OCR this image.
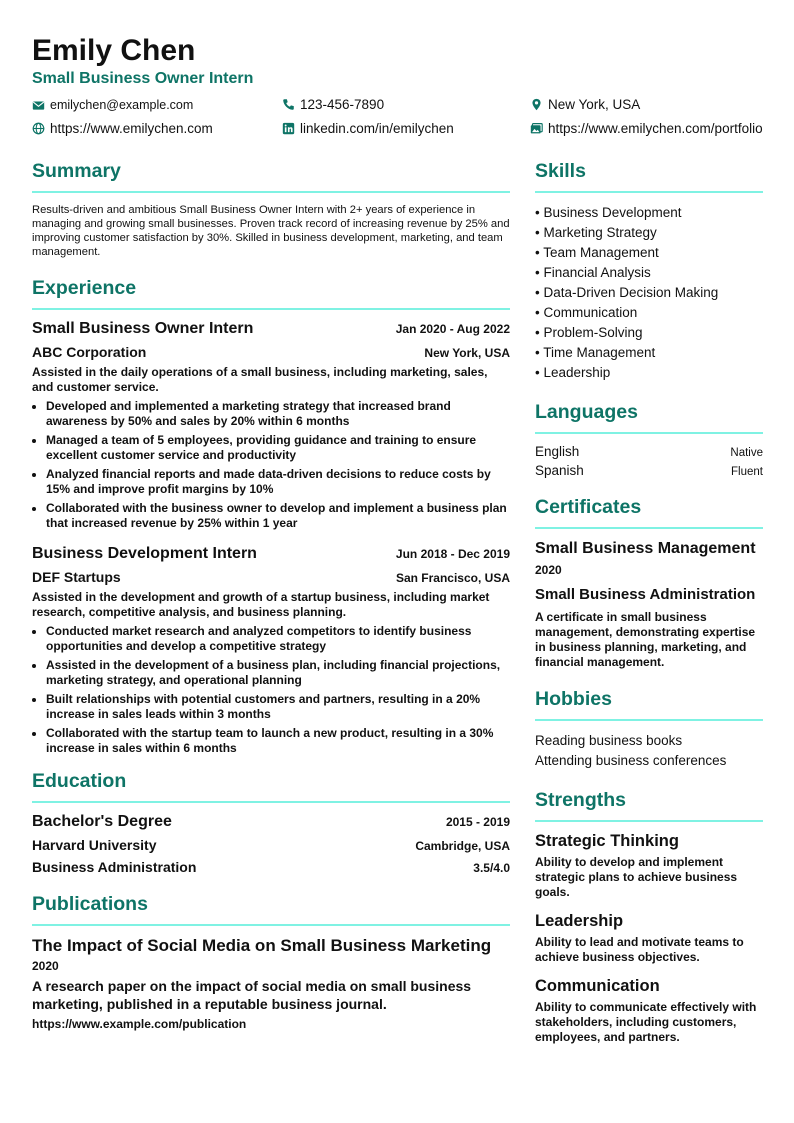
Emily Chen
Small Business Owner Intern
emilychen@example.com	123-456-7890	New York, USA
https://www.emilychen.com	linkedin.com/in/emilychen	https://www.emilychen.com/portfolio
Summary

Results-driven and ambitious Small Business Owner Intern with 2+ years of experience in managing and growing small businesses. Proven track record of increasing revenue by 25% and improving customer satisfaction by 30%. Skilled in business development, marketing, and team management.

Experience
Small Business Owner Intern	Jan 2020 - Aug 2022
ABC Corporation	New York, USA
Assisted in the daily operations of a small business, including marketing, sales, and customer service.
• Developed and implemented a marketing strategy that increased brand awareness by 50% and sales by 20% within 6 months
• Managed a team of 5 employees, providing guidance and training to ensure excellent customer service and productivity
• Analyzed financial reports and made data-driven decisions to reduce costs by 15% and improve profit margins by 10%
• Collaborated with the business owner to develop and implement a business plan that increased revenue by 25% within 1 year
Business Development Intern	Jun 2018 - Dec 2019
DEF Startups	San Francisco, USA
Assisted in the development and growth of a startup business, including market research, competitive analysis, and business planning.
• Conducted market research and analyzed competitors to identify business opportunities and develop a competitive strategy
• Assisted in the development of a business plan, including financial projections, marketing strategy, and operational planning
• Built relationships with potential customers and partners, resulting in a 20% increase in sales leads within 3 months
• Collaborated with the startup team to launch a new product, resulting in a 30% increase in sales within 6 months
Education
Bachelor's Degree	2015 - 2019
Harvard University	Cambridge, USA
Business Administration	3.5/4.0
Publications
The Impact of Social Media on Small Business Marketing
2020
A research paper on the impact of social media on small business marketing, published in a reputable business journal.
https://www.example.com/publication
Skills
• Business Development
• Marketing Strategy
• Team Management
• Financial Analysis
• Data-Driven Decision Making
• Communication
• Problem-Solving
• Time Management
• Leadership
Languages
English	Native
Spanish	Fluent
Certificates
Small Business Management
2020
Small Business Administration
A certificate in small business management, demonstrating expertise in business planning, marketing, and financial management.
Hobbies
Reading business books
Attending business conferences
Strengths
Strategic Thinking
Ability to develop and implement strategic plans to achieve business goals.
Leadership
Ability to lead and motivate teams to achieve business objectives.
Communication
Ability to communicate effectively with stakeholders, including customers, employees, and partners.
